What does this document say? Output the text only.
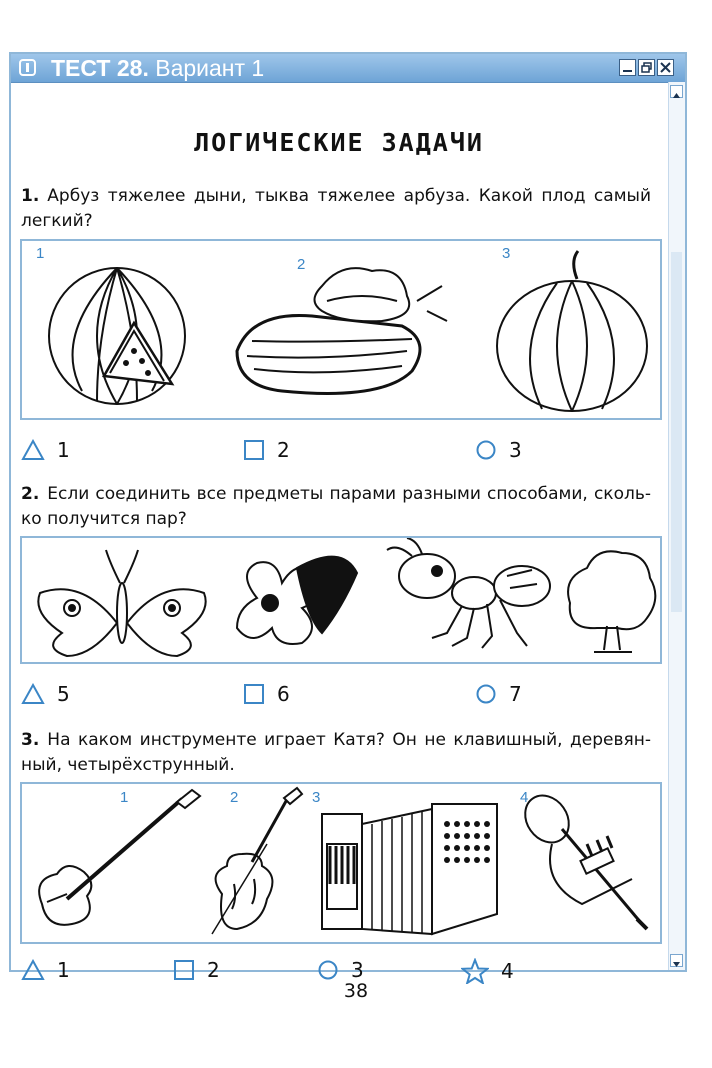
ТЕСТ 28. Вариант 1
ЛОГИЧЕСКИЕ ЗАДАЧИ
1. Арбуз тяжелее дыни, тыква тяжелее арбуза. Какой плод самый легкий?
1
2
3
1	2	3
2. Если соединить все предметы парами разными способами, сколь-ко получится пар?
5	6	7
3. На каком инструменте играет Катя? Он не клавишный, деревян-ный, четырёхструнный.
1	2	3	4
1	2	3	4
38
